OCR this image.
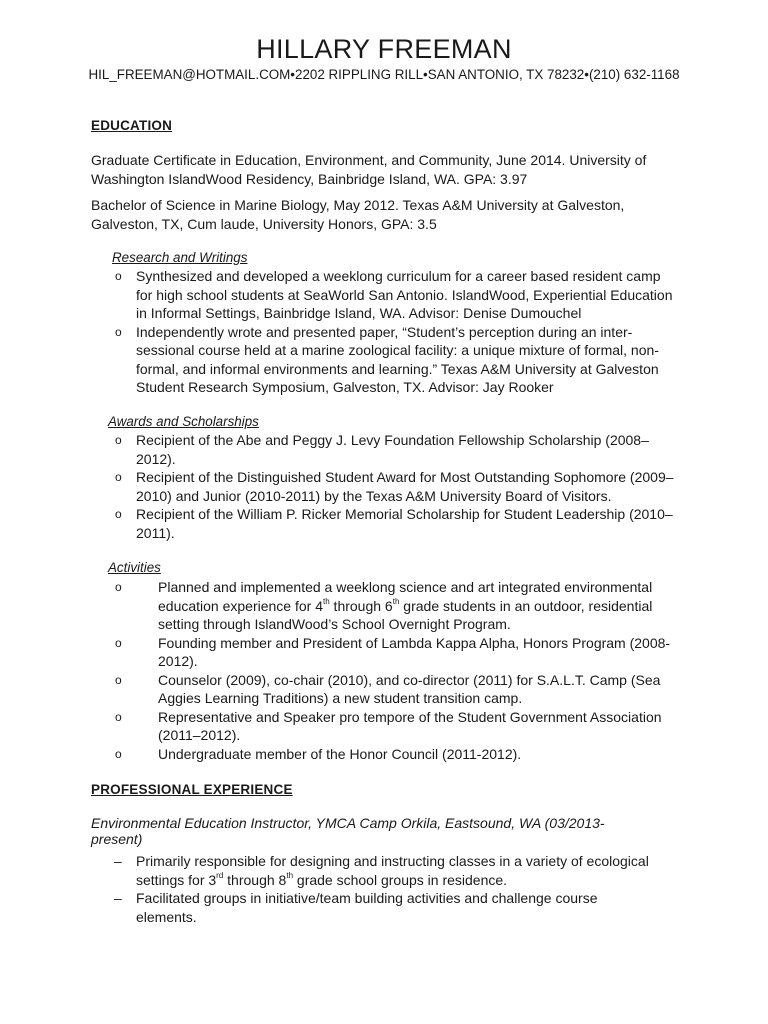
HILLARY FREEMAN
HIL_FREEMAN@HOTMAIL.COM•2202 RIPPLING RILL•SAN ANTONIO, TX 78232•(210) 632-1168
EDUCATION
Graduate Certificate in Education, Environment, and Community, June 2014. University of Washington IslandWood Residency, Bainbridge Island, WA. GPA: 3.97
Bachelor of Science in Marine Biology, May 2012. Texas A&M University at Galveston, Galveston, TX, Cum laude, University Honors, GPA: 3.5
Research and Writings
o Synthesized and developed a weeklong curriculum for a career based resident camp for high school students at SeaWorld San Antonio. IslandWood, Experiential Education in Informal Settings, Bainbridge Island, WA. Advisor: Denise Dumouchel
o Independently wrote and presented paper, “Student’s perception during an inter-sessional course held at a marine zoological facility: a unique mixture of formal, non-formal, and informal environments and learning.” Texas A&M University at Galveston Student Research Symposium, Galveston, TX. Advisor: Jay Rooker
Awards and Scholarships
o Recipient of the Abe and Peggy J. Levy Foundation Fellowship Scholarship (2008–2012).
o Recipient of the Distinguished Student Award for Most Outstanding Sophomore (2009–2010) and Junior (2010-2011) by the Texas A&M University Board of Visitors.
o Recipient of the William P. Ricker Memorial Scholarship for Student Leadership (2010–2011).
Activities
o	Planned and implemented a weeklong science and art integrated environmental education experience for 4th through 6th grade students in an outdoor, residential setting through IslandWood’s School Overnight Program.
o	Founding member and President of Lambda Kappa Alpha, Honors Program (2008-2012).
o	Counselor (2009), co-chair (2010), and co-director (2011) for S.A.L.T. Camp (Sea Aggies Learning Traditions) a new student transition camp.
o	Representative and Speaker pro tempore of the Student Government Association (2011–2012).
o	Undergraduate member of the Honor Council (2011-2012).
PROFESSIONAL EXPERIENCE
Environmental Education Instructor, YMCA Camp Orkila, Eastsound, WA (03/2013-present)
– Primarily responsible for designing and instructing classes in a variety of ecological settings for 3rd through 8th grade school groups in residence.
– Facilitated groups in initiative/team building activities and challenge course elements.
